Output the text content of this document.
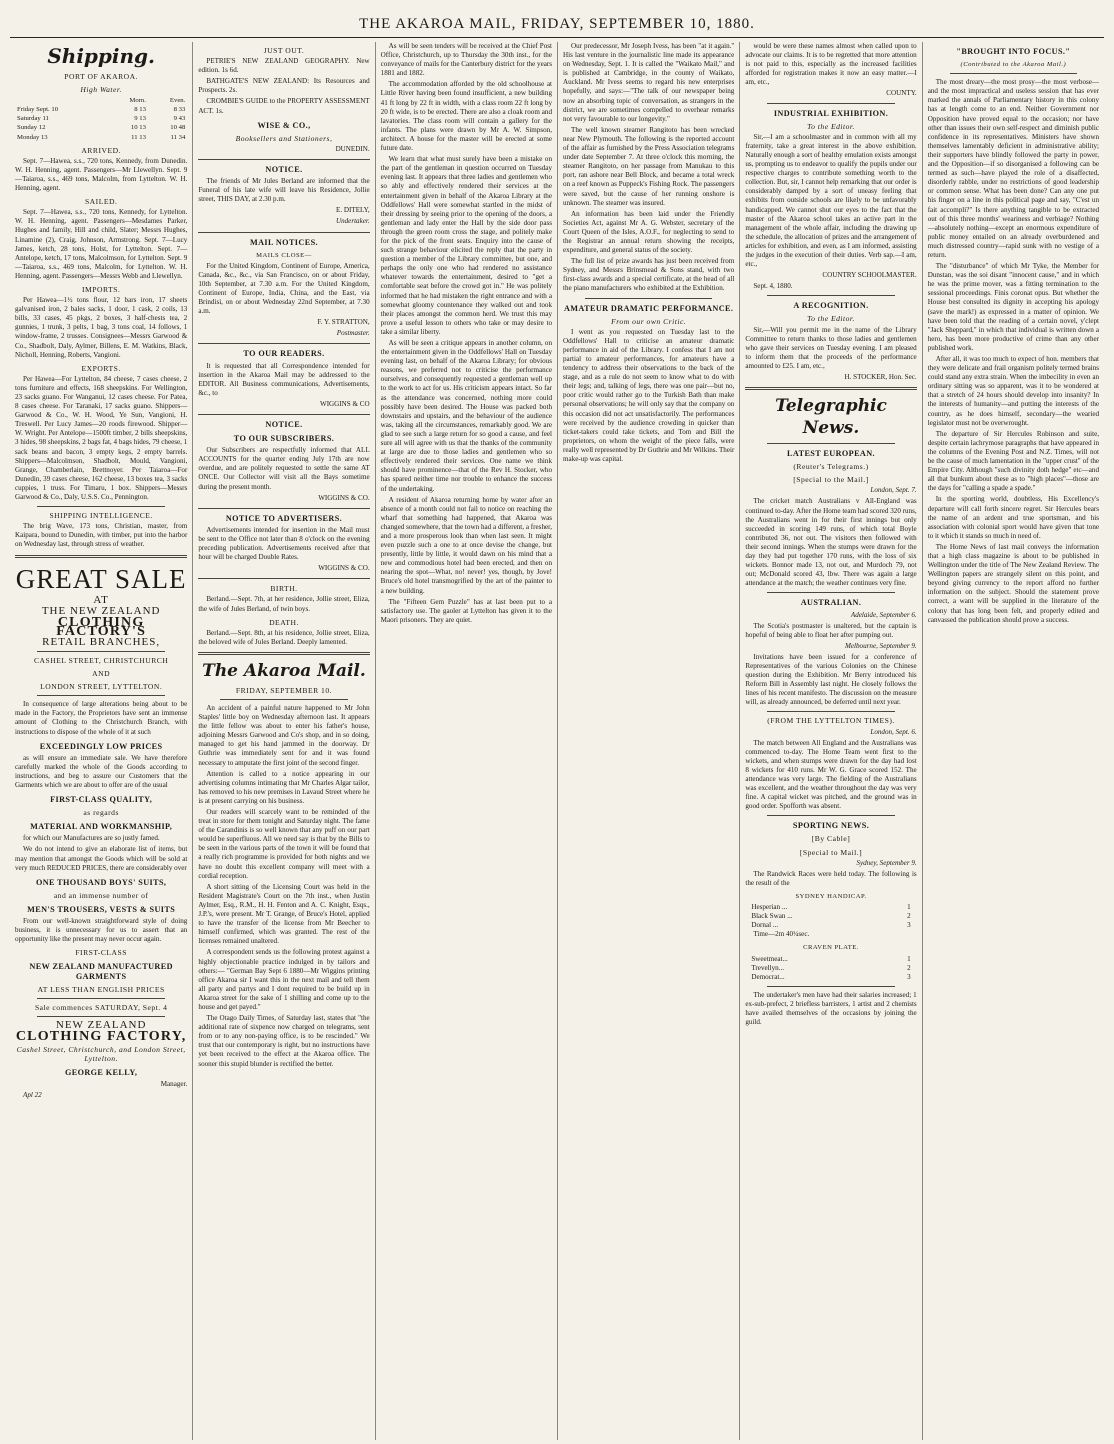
THE AKAROA MAIL, FRIDAY, SEPTEMBER 10, 1880.
Shipping.
PORT OF AKAROA.
High Water.
	Morn.	Even.
Friday Sept. 10	8 13	8 33
Saturday 11	9 13	9 43
Sunday 12	10 13	10 48
Monday 13	11 13	11 34
ARRIVED.

Sept. 7—Hawea, s.s., 720 tons, Kennedy, from Dunedin. W. H. Henning, agent. Passengers—Mr Llewellyn. Sept. 9—Taiaroa, s.s., 469 tons, Malcolm, from Lyttelton. W. H. Henning, agent.

SAILED.

Sept. 7—Hawea, s.s., 720 tons, Kennedy, for Lyttelton. W. H. Henning, agent. Passengers—Mesdames Parker, Hughes and family, Hill and child, Slater; Messrs Hughes, Linamine (2), Craig, Johnson, Armstrong. Sept. 7—Lucy James, ketch, 28 tons, Holst, for Lyttelton. Sept. 7—Antelope, ketch, 17 tons, Malcolmson, for Lyttelton. Sept. 9—Taiaroa, s.s., 469 tons, Malcolm, for Lyttelton. W. H. Henning, agent. Passengers—Messrs Webb and Llewellyn.

IMPORTS.

Per Hawea—1½ tons flour, 12 bars iron, 17 sheets galvanised iron, 2 bales sacks, 1 door, 1 cask, 2 coils, 13 bills, 33 cases, 45 pkgs, 2 boxes, 3 half-chests tea, 2 gunnies, 1 trunk, 3 pelts, 1 bag, 3 tons coal, 14 follows, 1 window-frame, 2 trusses. Consignees—Messrs Garwood & Co., Shadbolt, Daly, Aylmer, Billens, E. M. Watkins, Black, Nicholl, Henning, Roberts, Vangioni.

EXPORTS.

Per Hawea—For Lyttelton, 84 cheese, 7 cases cheese, 2 tons furniture and effects, 168 sheepskins. For Wellington, 23 sacks guano. For Wanganui, 12 cases cheese. For Patea, 8 cases cheese. For Taranaki, 17 sacks guano. Shippers—Garwood & Co., W. H. Wood, Ye Sun, Vangioni, H. Treswell. Per Lucy James—20 roods firewood. Shipper—W. Wright. Per Antelope—1500ft timber, 2 bills sheepskins, 3 hides, 98 sheepskins, 2 bags fat, 4 bags hides, 79 cheese, 1 sack beans and bacon, 3 empty kegs, 2 empty barrels. Shippers—Malcolmson, Shadbolt, Mould, Vangioni, Grange, Chamberlain, Brettnoyer. Per Taiaroa—For Dunedin, 39 cases cheese, 162 cheese, 13 boxes tea, 3 sacks cuppies, 1 truss. For Timaru, 1 box. Shippers—Messrs Garwood & Co., Daly, U.S.S. Co., Pennington.

SHIPPING INTELLIGENCE.

The brig Wave, 173 tons, Christian, master, from Kaipara, bound to Dunedin, with timber, put into the harbor on Wednesday last, through stress of weather.

GREAT SALE
AT
THE NEW ZEALAND
CLOTHING FACTORY'S
RETAIL BRANCHES,
CASHEL STREET, CHRISTCHURCH
AND
LONDON STREET, LYTTELTON.

In consequence of large alterations being about to be made in the Factory, the Proprietors have sent an immense amount of Clothing to the Christchurch Branch, with instructions to dispose of the whole of it at such

EXCEEDINGLY LOW PRICES

as will ensure an immediate sale. We have therefore carefully marked the whole of the Goods according to instructions, and beg to assure our Customers that the Garments which we are about to offer are of the usual

FIRST-CLASS QUALITY,
as regards
MATERIAL AND WORKMANSHIP,

for which our Manufactures are so justly famed.

We do not intend to give an elaborate list of items, but may mention that amongst the Goods which will be sold at very much REDUCED PRICES, there are considerably over

ONE THOUSAND BOYS' SUITS,
and an immense number of
MEN'S TROUSERS, VESTS & SUITS

From our well-known straightforward style of doing business, it is unnecessary for us to assert that an opportunity like the present may never occur again.

FIRST-CLASS
NEW ZEALAND MANUFACTURED GARMENTS
AT LESS THAN ENGLISH PRICES
Sale commences SATURDAY, Sept. 4
NEW ZEALAND
CLOTHING FACTORY,
Cashel Street, Christchurch, and London Street, Lyttelton.
GEORGE KELLY,

Manager.

Apl 22

JUST OUT.

PETRIE'S NEW ZEALAND GEOGRAPHY. New edition. 1s 6d.

BATHGATE'S NEW ZEALAND: Its Resources and Prospects. 2s.

CROMBIE'S GUIDE to the PROPERTY ASSESSMENT ACT. 1s.

WISE & CO.,
Booksellers and Stationers,

DUNEDIN.

NOTICE.

The friends of Mr Jules Berland are informed that the Funeral of his late wife will leave his Residence, Jollie street, THIS DAY, at 2.30 p.m.

E. DITELY,

Undertaker.

MAIL NOTICES.
MAILS CLOSE—

For the United Kingdom, Continent of Europe, America, Canada, &c., &c., via San Francisco, on or about Friday, 10th September, at 7.30 a.m. For the United Kingdom, Continent of Europe, India, China, and the East, via Brindisi, on or about Wednesday 22nd September, at 7.30 a.m.

F. Y. STRATTON,

Postmaster.

TO OUR READERS.

It is requested that all Correspondence intended for insertion in the Akaroa Mail may be addressed to the EDITOR. All Business communications, Advertisements, &c., to

WIGGINS & CO

NOTICE.
TO OUR SUBSCRIBERS.

Our Subscribers are respectfully informed that ALL ACCOUNTS for the quarter ending July 17th are now overdue, and are politely requested to settle the same AT ONCE. Our Collector will visit all the Bays sometime during the present month.

WIGGINS & CO.

NOTICE TO ADVERTISERS.

Advertisements intended for insertion in the Mail must be sent to the Office not later than 8 o'clock on the evening preceding publication. Advertisements received after that hour will be charged Double Rates.

WIGGINS & CO.

BIRTH.

Berland.—Sept. 7th, at her residence, Jollie street, Eliza, the wife of Jules Berland, of twin boys.

DEATH.

Berland.—Sept. 8th, at his residence, Jollie street, Eliza, the beloved wife of Jules Berland. Deeply lamented.

The Akaroa Mail.
FRIDAY, SEPTEMBER 10.

An accident of a painful nature happened to Mr John Staples' little boy on Wednesday afternoon last. It appears the little fellow was about to enter his father's house, adjoining Messrs Garwood and Co's shop, and in so doing, managed to get his hand jammed in the doorway. Dr Guthrie was immediately sent for and it was found necessary to amputate the first joint of the second finger.

Attention is called to a notice appearing in our advertising columns intimating that Mr Charles Algar tailor, has removed to his new premises in Lavaud Street where he is at present carrying on his business.

Our readers will scarcely want to be reminded of the treat in store for them tonight and Saturday night. The fame of the Carandinis is so well known that any puff on our part would be superfluous. All we need say is that by the Bills to be seen in the various parts of the town it will be found that a really rich programme is provided for both nights and we have no doubt this excellent company will meet with a cordial reception.

A short sitting of the Licensing Court was held in the Resident Magistrate's Court on the 7th inst., when Justin Aylmer, Esq., R.M., H. H. Fenton and A. C. Knight, Esqs., J.P.'s, were present. Mr T. Grange, of Bruce's Hotel, applied to have the transfer of the license from Mr Beecher to himself confirmed, which was granted. The rest of the licenses remained unaltered.

A correspondent sends us the following protest against a highly objectionable practice indulged in by tailors and others:— "German Bay Sept 6 1880—Mr Wiggins printing office Akaroa sir I want this in the next mail and tell them all party and partys and I dont required to be build up in Akaroa street for the sake of 1 shilling and come up to the house and get payed."

The Otago Daily Times, of Saturday last, states that "the additional rate of sixpence now charged on telegrams, sent from or to any non-paying office, is to be rescinded." We trust that our contemporary is right, but no instructions have yet been received to the effect at the Akaroa office. The sooner this stupid blunder is rectified the better.

As will be seen tenders will be received at the Chief Post Office, Christchurch, up to Thursday the 30th inst., for the conveyance of mails for the Canterbury district for the years 1881 and 1882.

The accommodation afforded by the old schoolhouse at Little River having been found insufficient, a new building 41 ft long by 22 ft in width, with a class room 22 ft long by 20 ft wide, is to be erected. There are also a cloak room and lavatories. The class room will contain a gallery for the infants. The plans were drawn by Mr A. W. Simpson, architect. A house for the master will be erected at some future date.

We learn that what must surely have been a mistake on the part of the gentleman in question occurred on Tuesday evening last. It appears that three ladies and gentlemen who so ably and effectively rendered their services at the entertainment given in behalf of the Akaroa Library at the Oddfellows' Hall were somewhat startled in the midst of their dressing by seeing prior to the opening of the doors, a gentleman and lady enter the Hall by the side door pass through the green room cross the stage, and politely make for the pick of the front seats. Enquiry into the cause of such strange behaviour elicited the reply that the party in question a member of the Library committee, but one, and perhaps the only one who had rendered no assistance whatever towards the entertainment, desired to "get a comfortable seat before the crowd got in." He was politely informed that he had mistaken the right entrance and with a somewhat gloomy countenance they walked out and took their places amongst the common herd. We trust this may prove a useful lesson to others who take or may desire to take a similar liberty.

As will be seen a critique appears in another column, on the entertainment given in the Oddfellows' Hall on Tuesday evening last, on behalf of the Akaroa Library; for obvious reasons, we preferred not to criticise the performance ourselves, and consequently requested a gentleman well up to the work to act for us. His criticism appears intact. So far as the attendance was concerned, nothing more could possibly have been desired. The House was packed both downstairs and upstairs, and the behaviour of the audience was, taking all the circumstances, remarkably good. We are glad to see such a large return for so good a cause, and feel sure all will agree with us that the thanks of the community at large are due to those ladies and gentlemen who so effectively rendered their services. One name we think should have prominence—that of the Rev H. Stocker, who has spared neither time nor trouble to enhance the success of the undertaking.

A resident of Akaroa returning home by water after an absence of a month could not fail to notice on reaching the wharf that something had happened, that Akaroa was changed somewhere, that the town had a different, a fresher, and a more prosperous look than when last seen. It might even puzzle such a one to at once devise the change, but presently, little by little, it would dawn on his mind that a new and commodious hotel had been erected, and then on nearing the spot—What, no! never! yes, though, by Jove! Bruce's old hotel transmogrified by the art of the painter to a new building.

The "Fifteen Gem Puzzle" has at last been put to a satisfactory use. The gaoler at Lyttelton has given it to the Maori prisoners. They are quiet.

Our predecessor, Mr Joseph Ivess, has been "at it again." His last venture in the journalistic line made its appearance on Wednesday, Sept. 1. It is called the "Waikato Mail," and is published at Cambridge, in the county of Waikato, Auckland. Mr Ivess seems to regard his new enterprises hopefully, and says:—"The talk of our newspaper being now an absorbing topic of conversation, as strangers in the district, we are sometimes compelled to overhear remarks not very favourable to our longevity."

The well known steamer Rangitoto has been wrecked near New Plymouth. The following is the reported account of the affair as furnished by the Press Association telegrams under date September 7. At three o'clock this morning, the steamer Rangitoto, on her passage from Manukau to this port, ran ashore near Bell Block, and became a total wreck on a reef known as Puppeck's Fishing Rock. The passengers were saved, but the cause of her running onshore is unknown. The steamer was insured.

An information has been laid under the Friendly Societies Act, against Mr A. G. Webster, secretary of the Court Queen of the Isles, A.O.F., for neglecting to send to the Registrar an annual return showing the receipts, expenditure, and general status of the society.

The full list of prize awards has just been received from Sydney, and Messrs Brinsmead & Sons stand, with two first-class awards and a special certificate, at the head of all the piano manufacturers who exhibited at the Exhibition.

AMATEUR DRAMATIC PERFORMANCE.
From our own Critic.

I went as you requested on Tuesday last to the Oddfellows' Hall to criticise an amateur dramatic performance in aid of the Library. I confess that I am not partial to amateur performances, for amateurs have a tendency to address their observations to the back of the stage, and as a rule do not seem to know what to do with their legs; and, talking of legs, there was one pair—but no, poor critic would rather go to the Turkish Bath than make personal observations; he will only say that the company on this occasion did not act unsatisfactorily. The performances were received by the audience crowding in quicker than ticket-takers could take tickets, and Tom and Bill the proprietors, on whom the weight of the piece falls, were really well represented by Dr Guthrie and Mr Wilkins. Their make-up was capital.

would be were these names almost when called upon to advocate our claims. It is to be regretted that more attention is not paid to this, especially as the increased facilities afforded for registration makes it now an easy matter.—I am, etc.,

COUNTY.

INDUSTRIAL EXHIBITION.
To the Editor.

Sir,—I am a schoolmaster and in common with all my fraternity, take a great interest in the above exhibition. Naturally enough a sort of healthy emulation exists amongst us, prompting us to endeavor to qualify the pupils under our respective charges to contribute something worth to the collection. But, sir, I cannot help remarking that our order is considerably damped by a sort of uneasy feeling that exhibits from outside schools are likely to be unfavorably handicapped. We cannot shut our eyes to the fact that the master of the Akaroa school takes an active part in the management of the whole affair, including the drawing up the schedule, the allocation of prizes and the arrangement of articles for exhibition, and even, as I am informed, assisting the judges in the execution of their duties. Verb sap.—I am, etc.,

COUNTRY SCHOOLMASTER.

Sept. 4, 1880.

A RECOGNITION.
To the Editor.

Sir,—Will you permit me in the name of the Library Committee to return thanks to those ladies and gentlemen who gave their services on Tuesday evening. I am pleased to inform them that the proceeds of the performance amounted to £25. I am, etc.,

H. STOCKER, Hon. Sec.

Telegraphic News.
LATEST EUROPEAN.
(Reuter's Telegrams.)
[Special to the Mail.]

London, Sept. 7.

The cricket match Australians v All-England was continued to-day. After the Home team had scored 320 runs, the Australians went in for their first innings but only succeeded in scoring 149 runs, of which total Boyle contributed 36, not out. The visitors then followed with their second innings. When the stumps were drawn for the day they had put together 170 runs, with the loss of six wickets. Bonnor made 13, not out, and Murdoch 79, not out; McDonald scored 43, lbw. There was again a large attendance at the match; the weather continues very fine.

AUSTRALIAN.

Adelaide, September 6.

The Scotia's postmaster is unaltered, but the captain is hopeful of being able to float her after pumping out.

Melbourne, September 9.

Invitations have been issued for a conference of Representatives of the various Colonies on the Chinese question during the Exhibition. Mr Berry introduced his Reform Bill in Assembly last night. He closely follows the lines of his recent manifesto. The discussion on the measure will, as already announced, be deferred until next year.

(FROM THE LYTTELTON TIMES).

London, Sept. 6.

The match between All England and the Australians was commenced to-day. The Home Team went first to the wickets, and when stumps were drawn for the day had lost 8 wickets for 410 runs. Mr W. G. Grace scored 152. The attendance was very large. The fielding of the Australians was excellent, and the weather throughout the day was very fine. A capital wicket was pitched, and the ground was in good order. Spofforth was absent.

SPORTING NEWS.
[By Cable]
[Special to Mail.]

Sydney, September 9.

The Randwick Races were held today. The following is the result of the

SYDNEY HANDICAP.
Hesperian ...	1
Black Swan ...	2
Dornal ...	3

Time—2m 40¼sec.

CRAVEN PLATE.
Sweetmeat...	1
Trevellyn...	2
Democrat...	3

The undertaker's men have had their salaries increased; 1 ex-sub-prefect, 2 briefless barristers, 1 artist and 2 chemists have availed themselves of the occasions by joining the guild.

"BROUGHT INTO FOCUS."
(Contributed to the Akaroa Mail.)

The most dreary—the most prosy—the most verbose—and the most impractical and useless session that has ever marked the annals of Parliamentary history in this colony has at length come to an end. Neither Government nor Opposition have proved equal to the occasion; nor have other than issues their own self-respect and diminish public confidence in its representatives. Ministers have shown themselves lamentably deficient in administrative ability; their supporters have blindly followed the party in power, and the Opposition—if so disorganised a following can be termed as such—have played the role of a disaffected, disorderly rabble, under no restrictions of good leadership or common sense. What has been done? Can any one put his finger on a line in this political page and say, "C'est un fait accompli?" Is there anything tangible to be extracted out of this three months' weariness and verbiage? Nothing—absolutely nothing—except an enormous expenditure of public money entailed on an already overburdened and much distressed country—rapid sunk with no vestige of a return.

The "disturbance" of which Mr Tyke, the Member for Dunstan, was the soi disant "innocent cause," and in which he was the prime mover, was a fitting termination to the sessional proceedings. Finis coronat opus. But whether the House best consulted its dignity in accepting his apology (save the mark!) as expressed in a matter of opinion. We have been told that the reading of a certain novel, y'clept "Jack Sheppard," in which that individual is written down a hero, has been more productive of crime than any other published work.

After all, it was too much to expect of hon. members that they were delicate and frail organism politely termed brains could stand any extra strain. When the imbecility in even an ordinary sitting was so apparent, was it to be wondered at that a stretch of 24 hours should develop into insanity? In the interests of humanity—and putting the interests of the country, as he does himself, secondary—the wearied legislator must not be overwrought.

The departure of Sir Hercules Robinson and suite, despite certain lachrymose paragraphs that have appeared in the columns of the Evening Post and N.Z. Times, will not be the cause of much lamentation in the "upper crust" of the Empire City. Although "such divinity doth hedge" etc—and all that bunkum about these as to "high places"—those are the days for "calling a spade a spade."

In the sporting world, doubtless, His Excellency's departure will call forth sincere regret. Sir Hercules bears the name of an ardent and true sportsman, and his association with colonial sport would have given that tone to it which it stands so much in need of.

The Home News of last mail conveys the information that a high class magazine is about to be published in Wellington under the title of The New Zealand Review. The Wellington papers are strangely silent on this point, and beyond giving currency to the report afford no further information on the subject. Should the statement prove correct, a want will be supplied in the literature of the colony that has long been felt, and properly edited and canvassed the publication should prove a success.
